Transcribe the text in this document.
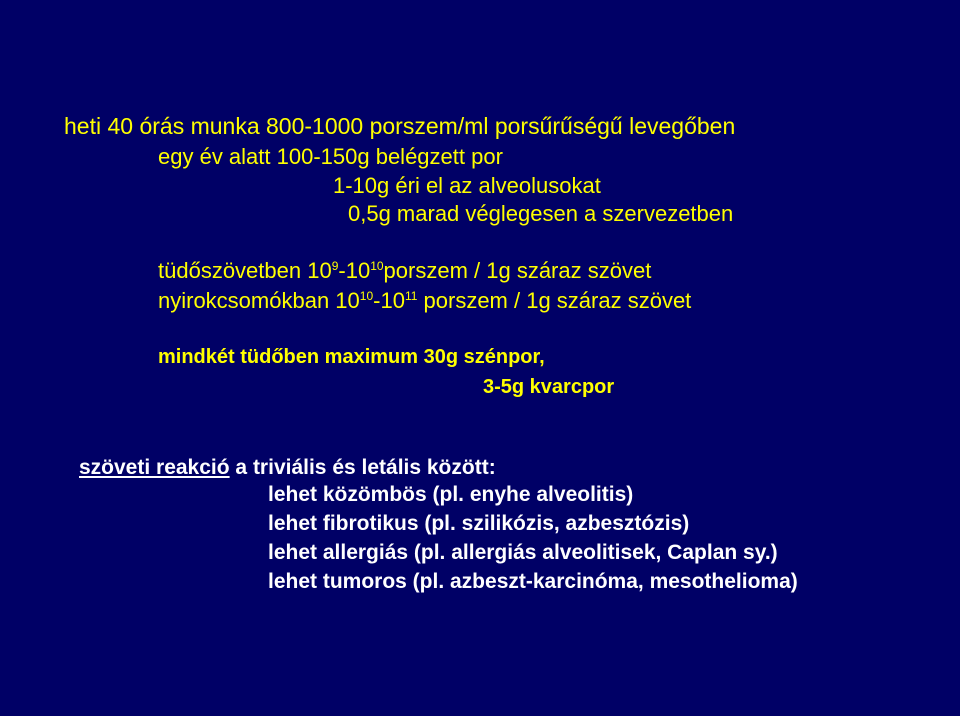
heti 40 órás munka 800-1000 porszem/ml porsűrűségű levegőben

egy év alatt 100-150g belégzett por

1-10g éri el az alveolusokat

0,5g marad véglegesen a szervezetben

tüdőszövetben $10^9-10^{10}porszem / 1g$ száraz szövet

nyirokcsomókban $10^{10}-10^{11}$ porszem / 1g száraz szövet

mindkét tüdőben maximum 30g szénpor,

3-5g kvarcpor

szöveti reakció a triviális és letális között:

lehet közömbös (pl. enyhe alveolitis)

lehet fibrotikus (pl. szilikózis, azbesztózis)

lehet allergiás (pl. allergiás alveolitisek, Caplan sy.)

lehet tumoros (pl. azbeszt-karcinóma, mesothelioma)
